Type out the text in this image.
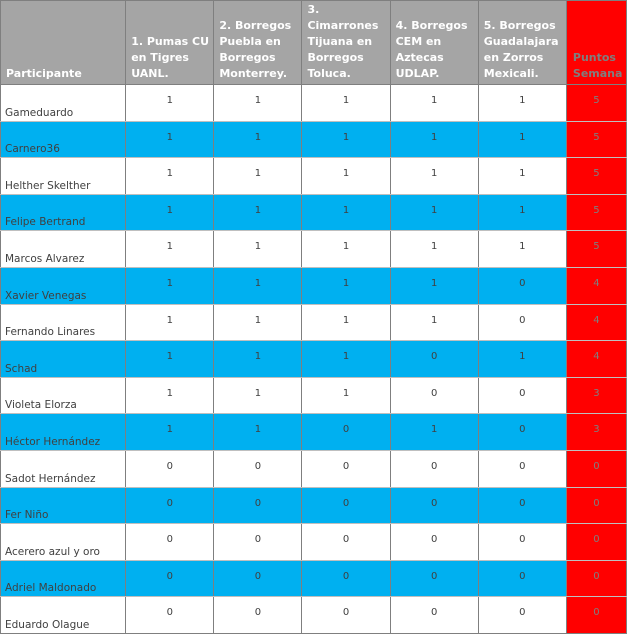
Participante	1. Pumas CU en Tigres UANL.	2. Borregos Puebla en Borregos Monterrey.	3. Cimarrones Tijuana en Borregos Toluca.	4. Borregos CEM en Aztecas UDLAP.	5. Borregos Guadalajara en Zorros Mexicali.	Puntos Semana
Gameduardo	1	1	1	1	1	5
Carnero36	1	1	1	1	1	5
Helther Skelther	1	1	1	1	1	5
Felipe Bertrand	1	1	1	1	1	5
Marcos Alvarez	1	1	1	1	1	5
Xavier Venegas	1	1	1	1	0	4
Fernando Linares	1	1	1	1	0	4
Schad	1	1	1	0	1	4
Violeta Elorza	1	1	1	0	0	3
Héctor Hernández	1	1	0	1	0	3
Sadot Hernández	0	0	0	0	0	0
Fer Niño	0	0	0	0	0	0
Acerero azul y oro	0	0	0	0	0	0
Adriel Maldonado	0	0	0	0	0	0
Eduardo Olague	0	0	0	0	0	0
